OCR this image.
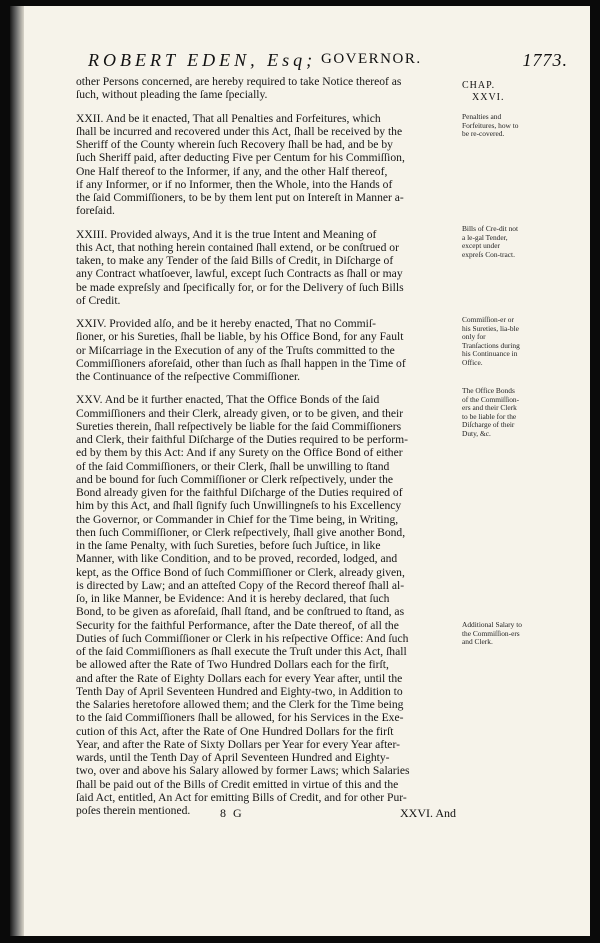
ROBERT EDEN, Esq; GOVERNOR.	1773.
CHAP.
XXVI.
other Persons concerned, are hereby required to take Notice thereof as
ſuch, without pleading the ſame ſpecially.
XXII. And be it enacted, That all Penalties and Forfeitures, which
ſhall be incurred and recovered under this Act, ſhall be received by the
Sheriff of the County wherein ſuch Recovery ſhall be had, and be by
ſuch Sheriff paid, after deducting Five per Centum for his Commiſſion,
One Half thereof to the Informer, if any, and the other Half thereof,
if any Informer, or if no Informer, then the Whole, into the Hands of
the ſaid Commiſſioners, to be by them lent put on Intereſt in Manner a-
foreſaid.
XXIII. Provided always, And it is the true Intent and Meaning of
this Act, that nothing herein contained ſhall extend, or be conſtrued or
taken, to make any Tender of the ſaid Bills of Credit, in Diſcharge of
any Contract whatſoever, lawful, except ſuch Contracts as ſhall or may
be made expreſsly and ſpecifically for, or for the Delivery of ſuch Bills
of Credit.
XXIV. Provided alſo, and be it hereby enacted, That no Commiſ-
ſioner, or his Sureties, ſhall be liable, by his Office Bond, for any Fault
or Miſcarriage in the Execution of any of the Truſts committed to the
Commiſſioners aforeſaid, other than ſuch as ſhall happen in the Time of
the Continuance of the reſpective Commiſſioner.
XXV. And be it further enacted, That the Office Bonds of the ſaid
Commiſſioners and their Clerk, already given, or to be given, and their
Sureties therein, ſhall reſpectively be liable for the ſaid Commiſſioners
and Clerk, their faithful Diſcharge of the Duties required to be perform-
ed by them by this Act: And if any Surety on the Office Bond of either
of the ſaid Commiſſioners, or their Clerk, ſhall be unwilling to ſtand
and be bound for ſuch Commiſſioner or Clerk reſpectively, under the
Bond already given for the faithful Diſcharge of the Duties required of
him by this Act, and ſhall ſignify ſuch Unwillingneſs to his Excellency
the Governor, or Commander in Chief for the Time being, in Writing,
then ſuch Commiſſioner, or Clerk reſpectively, ſhall give another Bond,
in the ſame Penalty, with ſuch Sureties, before ſuch Juſtice, in like
Manner, with like Condition, and to be proved, recorded, lodged, and
kept, as the Office Bond of ſuch Commiſſioner or Clerk, already given,
is directed by Law; and an atteſted Copy of the Record thereof ſhall al-
ſo, in like Manner, be Evidence: And it is hereby declared, that ſuch
Bond, to be given as aforeſaid, ſhall ſtand, and be conſtrued to ſtand, as
Security for the faithful Performance, after the Date thereof, of all the
Duties of ſuch Commiſſioner or Clerk in his reſpective Office: And ſuch
of the ſaid Commiſſioners as ſhall execute the Truſt under this Act, ſhall
be allowed after the Rate of Two Hundred Dollars each for the firſt,
and after the Rate of Eighty Dollars each for every Year after, until the
Tenth Day of April Seventeen Hundred and Eighty-two, in Addition to
the Salaries heretofore allowed them; and the Clerk for the Time being
to the ſaid Commiſſioners ſhall be allowed, for his Services in the Exe-
cution of this Act, after the Rate of One Hundred Dollars for the firſt
Year, and after the Rate of Sixty Dollars per Year for every Year after-
wards, until the Tenth Day of April Seventeen Hundred and Eighty-
two, over and above his Salary allowed by former Laws; which Salaries
ſhall be paid out of the Bills of Credit emitted in virtue of this and the
ſaid Act, entitled, An Act for emitting Bills of Credit, and for other Pur-
poſes therein mentioned.
Penalties and Forfeitures, how to be re-covered.
Bills of Cre-dit not a le-gal Tender, except under expreſs Con-tract.
Commiſſion-er or his Sureties, lia-ble only for Tranſactions during his Continuance in Office.
The Office Bonds of the Commiſſion-ers and their Clerk to be liable for the Diſcharge of their Duty, &c.
Additional Salary to the Commiſſion-ers and Clerk.
8 G	XXVI. And
